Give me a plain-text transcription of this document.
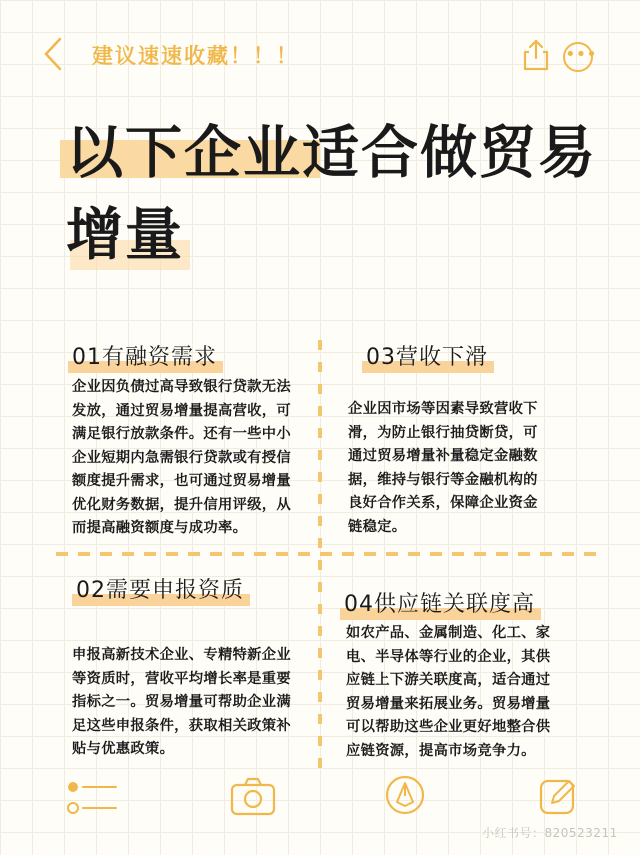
建议速速收藏！！！	•••
以下企业适合做贸易
增量
01有融资需求
企业因负债过高导致银行贷款无法发放，通过贸易增量提高营收，可满足银行放款条件。还有一些中小企业短期内急需银行贷款或有授信额度提升需求，也可通过贸易增量优化财务数据，提升信用评级，从而提高融资额度与成功率。
03营收下滑
企业因市场等因素导致营收下滑，为防止银行抽贷断贷，可通过贸易增量补量稳定金融数据，维持与银行等金融机构的良好合作关系，保障企业资金链稳定。
02需要申报资质
申报高新技术企业、专精特新企业等资质时，营收平均增长率是重要指标之一。贸易增量可帮助企业满足这些申报条件，获取相关政策补贴与优惠政策。
04供应链关联度高
如农产品、金属制造、化工、家电、半导体等行业的企业，其供应链上下游关联度高，适合通过贸易增量来拓展业务。贸易增量可以帮助这些企业更好地整合供应链资源，提高市场竞争力。
小红书号：820523211
